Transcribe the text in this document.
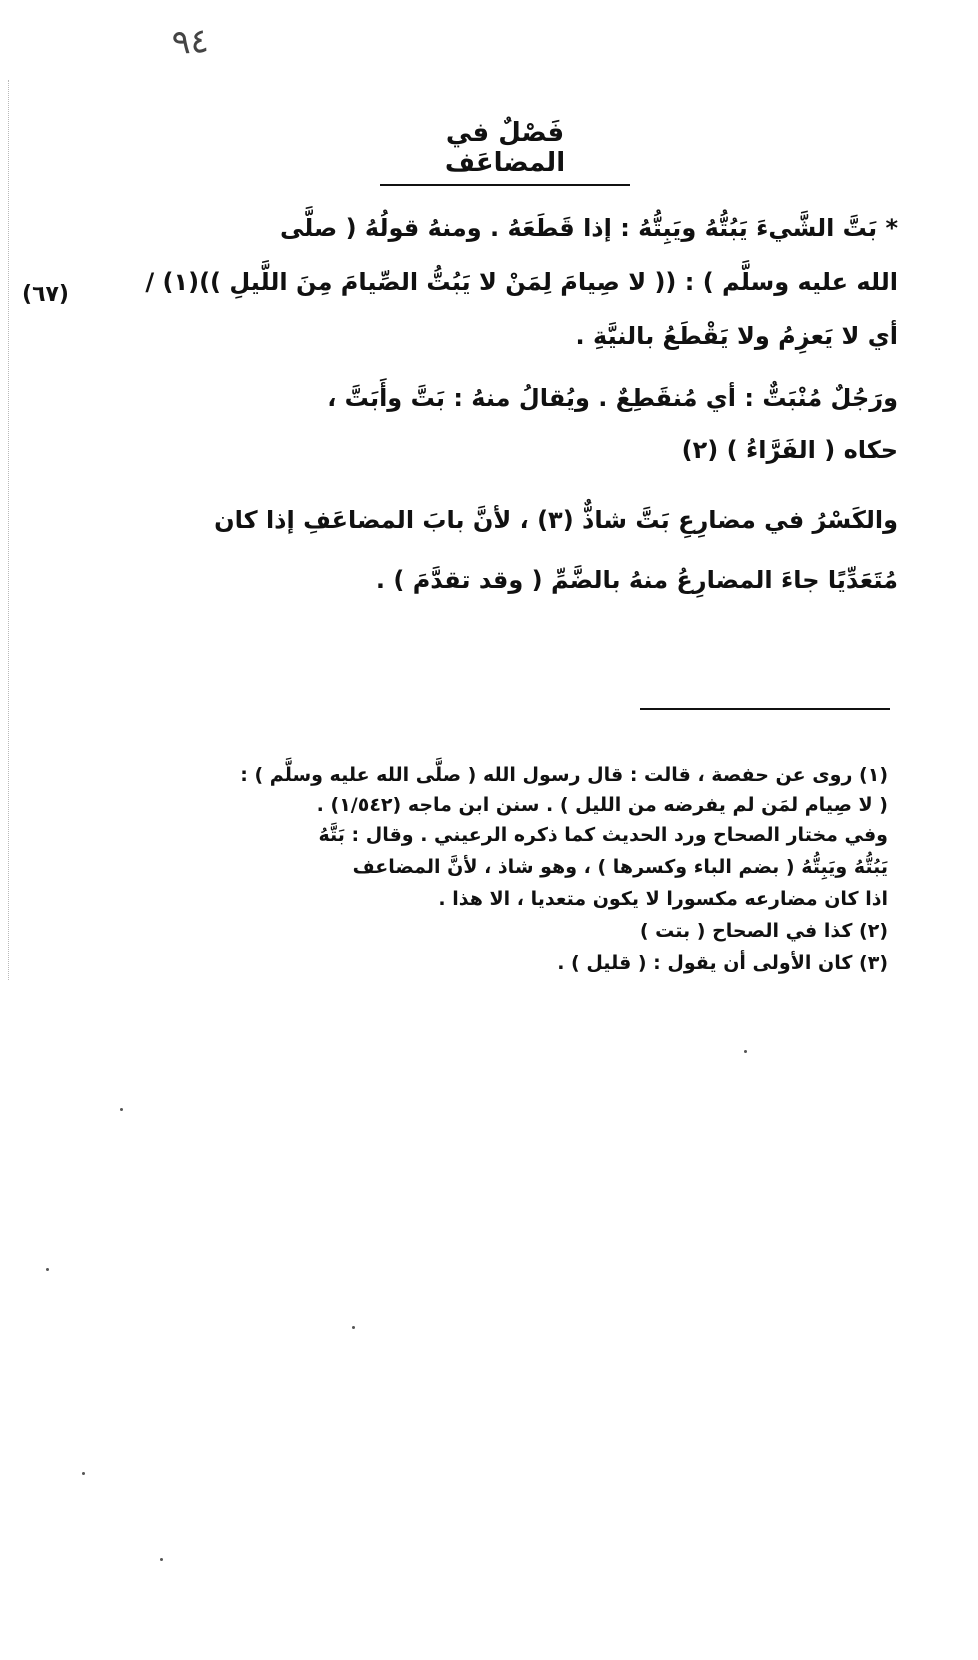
٩٤
فَصْلٌ في المضاعَف
* بَتَّ الشَّيءَ يَبُتُّهُ ويَبِتُّهُ : إذا قَطَعَهُ . ومنهُ قولُهُ ( صلَّى
الله عليه وسلَّم ) : (( لا صِيامَ لِمَنْ لا يَبُتُّ الصِّيامَ مِنَ اللَّيلِ ))(١) /
أي لا يَعزِمُ ولا يَقْطَعُ بالنيَّةِ .
ورَجُلٌ مُنْبَتٌّ : أي مُنقَطِعٌ . ويُقالُ منهُ : بَتَّ وأَبَتَّ ،
حكاه ( الفَرَّاءُ ) (٢)
والكَسْرُ في مضارِعِ بَتَّ شاذٌّ (٣) ، لأنَّ بابَ المضاعَفِ إذا كان
مُتَعَدِّيًا جاءَ المضارِعُ منهُ بالضَّمِّ ( وقد تقدَّمَ ) .
(٦٧)
(١) روى عن حفصة ، قالت : قال رسول الله ( صلَّى الله عليه وسلَّم ) :
( لا صِيام لمَن لم يفرضه من الليل ) . سنن ابن ماجه (١/٥٤٢) .
وفي مختار الصحاح ورد الحديث كما ذكره الرعيني . وقال : بَتَّهُ
يَبُتُّهُ ويَبِتُّهُ ( بضم الباء وكسرها ) ، وهو شاذ ، لأنَّ المضاعف
اذا كان مضارعه مكسورا لا يكون متعديا ، الا هذا .
(٢) كذا في الصحاح ( بتت )
(٣) كان الأولى أن يقول : ( قليل ) .
